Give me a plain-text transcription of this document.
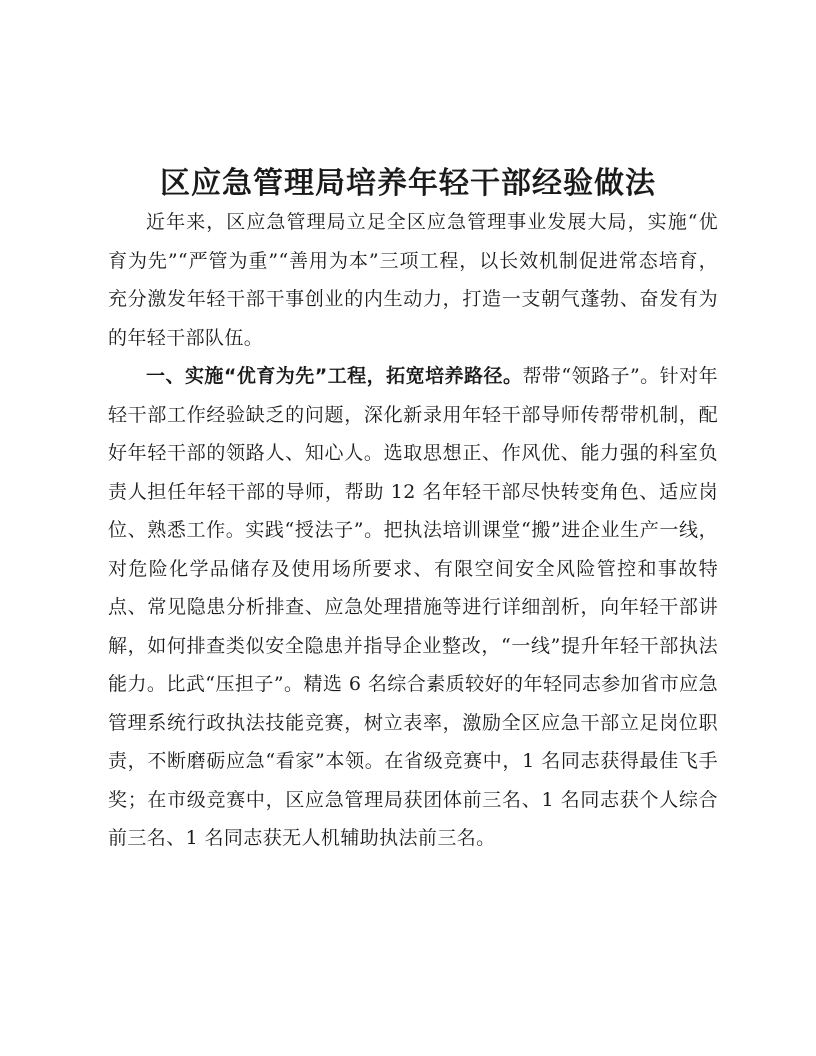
区应急管理局培养年轻干部经验做法

近年来，区应急管理局立足全区应急管理事业发展大局，实施“优育为先”“严管为重”“善用为本”三项工程，以长效机制促进常态培育，充分激发年轻干部干事创业的内生动力，打造一支朝气蓬勃、奋发有为的年轻干部队伍。

一、实施“优育为先”工程，拓宽培养路径。帮带“领路子”。针对年轻干部工作经验缺乏的问题，深化新录用年轻干部导师传帮带机制，配好年轻干部的领路人、知心人。选取思想正、作风优、能力强的科室负责人担任年轻干部的导师，帮助 12 名年轻干部尽快转变角色、适应岗位、熟悉工作。实践“授法子”。把执法培训课堂“搬”进企业生产一线，对危险化学品储存及使用场所要求、有限空间安全风险管控和事故特点、常见隐患分析排查、应急处理措施等进行详细剖析，向年轻干部讲解，如何排查类似安全隐患并指导企业整改，“一线”提升年轻干部执法能力。比武“压担子”。精选 6 名综合素质较好的年轻同志参加省市应急管理系统行政执法技能竞赛，树立表率，激励全区应急干部立足岗位职责，不断磨砺应急“看家”本领。在省级竞赛中，1 名同志获得最佳飞手奖；在市级竞赛中，区应急管理局获团体前三名、1 名同志获个人综合前三名、1 名同志获无人机辅助执法前三名。
